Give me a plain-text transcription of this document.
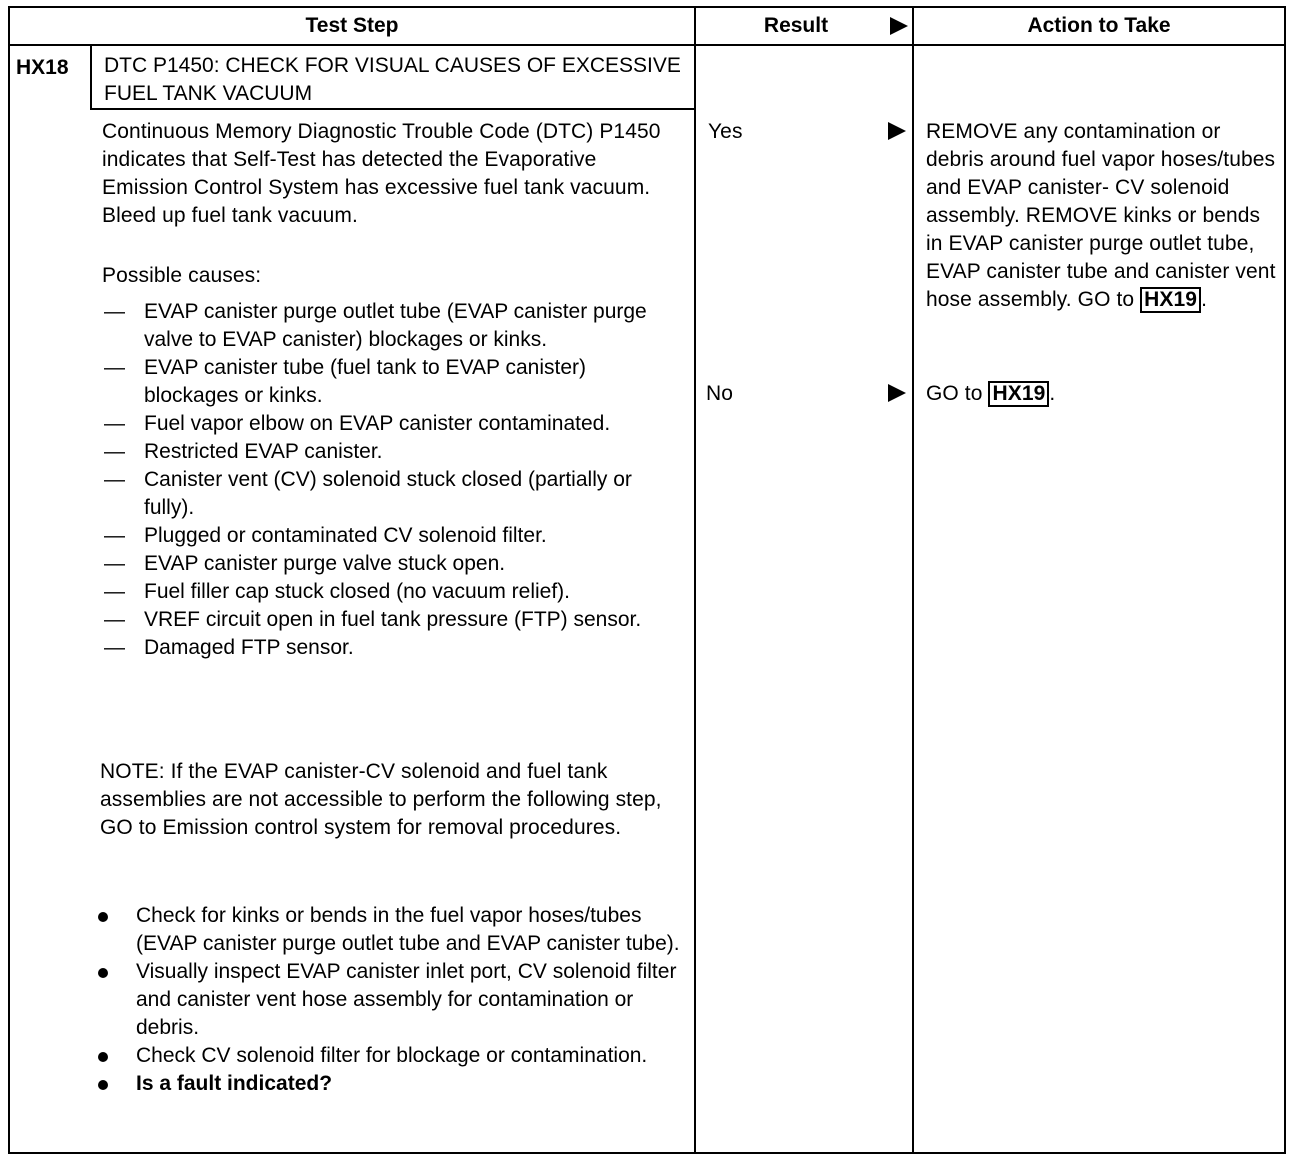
Test Step	Result	Action to Take
HX18 DTC P1450: CHECK FOR VISUAL CAUSES OF EXCESSIVE FUEL TANK VACUUM
Continuous Memory Diagnostic Trouble Code (DTC) P1450 indicates that Self-Test has detected the Evaporative Emission Control System has excessive fuel tank vacuum. Bleed up fuel tank vacuum.
Possible causes:
— EVAP canister purge outlet tube (EVAP canister purge valve to EVAP canister) blockages or kinks.
— EVAP canister tube (fuel tank to EVAP canister) blockages or kinks.
— Fuel vapor elbow on EVAP canister contaminated.
— Restricted EVAP canister.
— Canister vent (CV) solenoid stuck closed (partially or fully).
— Plugged or contaminated CV solenoid filter.
— EVAP canister purge valve stuck open.
— Fuel filler cap stuck closed (no vacuum relief).
— VREF circuit open in fuel tank pressure (FTP) sensor.
— Damaged FTP sensor.
NOTE: If the EVAP canister-CV solenoid and fuel tank assemblies are not accessible to perform the following step, GO to Emission control system for removal procedures.
Check for kinks or bends in the fuel vapor hoses/tubes (EVAP canister purge outlet tube and EVAP canister tube).
Visually inspect EVAP canister inlet port, CV solenoid filter and canister vent hose assembly for contamination or debris.
Check CV solenoid filter for blockage or contamination.
Is a fault indicated?
Yes	REMOVE any contamination or debris around fuel vapor hoses/tubes and EVAP canister- CV solenoid assembly. REMOVE kinks or bends in EVAP canister purge outlet tube, EVAP canister tube and canister vent hose assembly. GO to HX19 .
No	GO to HX19 .
